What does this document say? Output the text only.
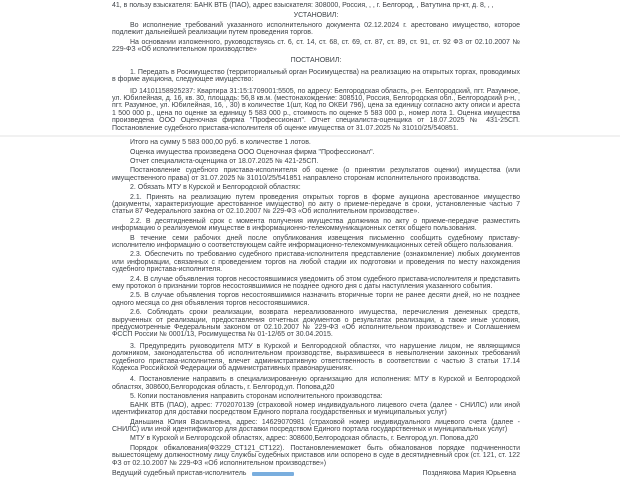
41, в пользу взыскателя: БАНК ВТБ (ПАО), адрес взыскателя: 308000, Россия, , , г. Белгород, , Ватутина пр-кт, д. 8, , ,
УСТАНОВИЛ:
Во исполнение требований указанного исполнительного документа 02.12.2024 г. арестовано имущество, которое подлежит дальнейшей реализации путем проведения торгов.
На основании изложенного, руководствуясь ст. 6, ст. 14, ст. 68, ст. 69, ст. 87, ст. 89, ст. 91, ст. 92 ФЗ от 02.10.2007 № 229-ФЗ «Об исполнительном производстве»
ПОСТАНОВИЛ:
1. Передать в Росимущество (территориальный орган Росимущества) на реализацию на открытых торгах, проводимых в форме аукциона, следующее имущество:
ID 14101158925237: Квартира 31:15:1709001:5505, по адресу: Белгородская область, р-н. Белгородский, пгт. Разумное, ул. Юбилейная, д. 16, кв. 30, площадь: 56,8 кв.м. (местонахождение: 308510, Россия, Белгородская обл., Белгородский р-н, , пгт. Разумное, ул. Юбилейная, 16, , 30) в количестве 1(шт, Код по ОКЕИ 796), цена за единицу согласно акту описи и ареста 1 500 000 р., цена по оценке за единицу 5 583 000 р., стоимость по оценке 5 583 000 р., номер лота 1. Оценка имущества произведена ООО Оценочная фирма "Профессионал". Отчет специалиста-оценщика от 18.07.2025 № 431-25СП. Постановление судебного пристава-исполнителя об оценке имущества от 31.07.2025 № 31010/25/540851.
Итого на сумму 5 583 000,00 руб. в количестве 1 лотов.
Оценка имущества произведена ООО Оценочная фирма "Профессионал".
Отчет специалиста-оценщика от 18.07.2025 № 421-25СП.
Постановление судебного пристава-исполнителя об оценке (о принятии результатов оценки) имущества (или имущественного права) от 31.07.2025 № 31010/25/541851 направлено сторонам исполнительного производства.
2. Обязать МТУ в Курской и Белгородской областях:
2.1. Принять на реализацию путем проведения открытых торгов в форме аукциона арестованное имущество (документы, характеризующие арестованное имущество) по акту о приеме-передаче в сроки, установленные частью 7 статьи 87 Федерального закона от 02.10.2007 № 229-ФЗ «Об исполнительном производстве».
2.2. В десятидневный срок с момента получения имущества должника по акту о приеме-передаче разместить информацию о реализуемом имуществе в информационно-телекоммуникационных сетях общего пользования.
В течение семи рабочих дней после опубликования извещения письменно сообщить судебному приставу-исполнителю информацию о соответствующем сайте информационно-телекоммуникационных сетей общего пользования.
2.3. Обеспечить по требованию судебного пристава-исполнителя представление (ознакомление) любых документов или информации, связанных с проведением торгов на любой стадии их подготовки и проведения по месту нахождения судебного пристава-исполнителя.
2.4. В случае объявления торгов несостоявшимися уведомить об этом судебного пристава-исполнителя и представить ему протокол о признании торгов несостоявшимися не позднее одного дня с даты наступления указанного события.
2.5. В случае объявления торгов несостоявшимися назначить вторичные торги не ранее десяти дней, но не позднее одного месяца со дня объявления торгов несостоявшимися.
2.6. Соблюдать сроки реализации, возврата нереализованного имущества, перечисления денежных средств, вырученных от реализации, предоставления отчетных документов о результатах реализации, а также иные условия, предусмотренные Федеральным законом от 02.10.2007 № 229-ФЗ «Об исполнительном производстве» и Соглашением ФССП России № 0001/13, Росимущества № 01-12/65 от 30.04.2015.
3. Предупредить руководителя МТУ в Курской и Белгородской областях, что нарушение лицом, не являющимся должником, законодательства об исполнительном производстве, выразившееся в невыполнении законных требований судебного пристава-исполнителя, влечет административную ответственность в соответствии с частью 3 статьи 17.14 Кодекса Российской Федерации об административных правонарушениях.
4. Постановление направить в специализированную организацию для исполнения: МТУ в Курской и Белгородской областях, 308600,Белгородская область, г. Белгород,ул. Попова,д20
5. Копии постановления направить сторонам исполнительного производства:
БАНК ВТБ (ПАО), адрес: 7702070139 (страховой номер индивидуального лицевого счета (далее - СНИЛС) или иной идентификатор для доставки посредством Единого портала государственных и муниципальных услуг)
Даньшина Юлия Васильевна, адрес: 14629070981 (страховой номер индивидуального лицевого счета (далее - СНИЛС) или иной идентификатор для доставки посредством Единого портала государственных и муниципальных услуг)
МТУ в Курской и Белгородской областях, адрес: 308600,Белгородская область, г. Белгород,ул. Попова,д20
Порядок обжалования(ФЗ229_СТ121_СТ122). Постановлениеможет быть обжалованов порядке подчиненности вышестоящему должностному лицу службы судебных приставов или оспорено в суде в десятидневный срок (ст. 121, ст. 122 ФЗ от 02.10.2007 № 229-ФЗ «Об исполнительном производстве»)
Ведущий судебный пристав-исполнитель	Позднякова Мария Юрьевна
